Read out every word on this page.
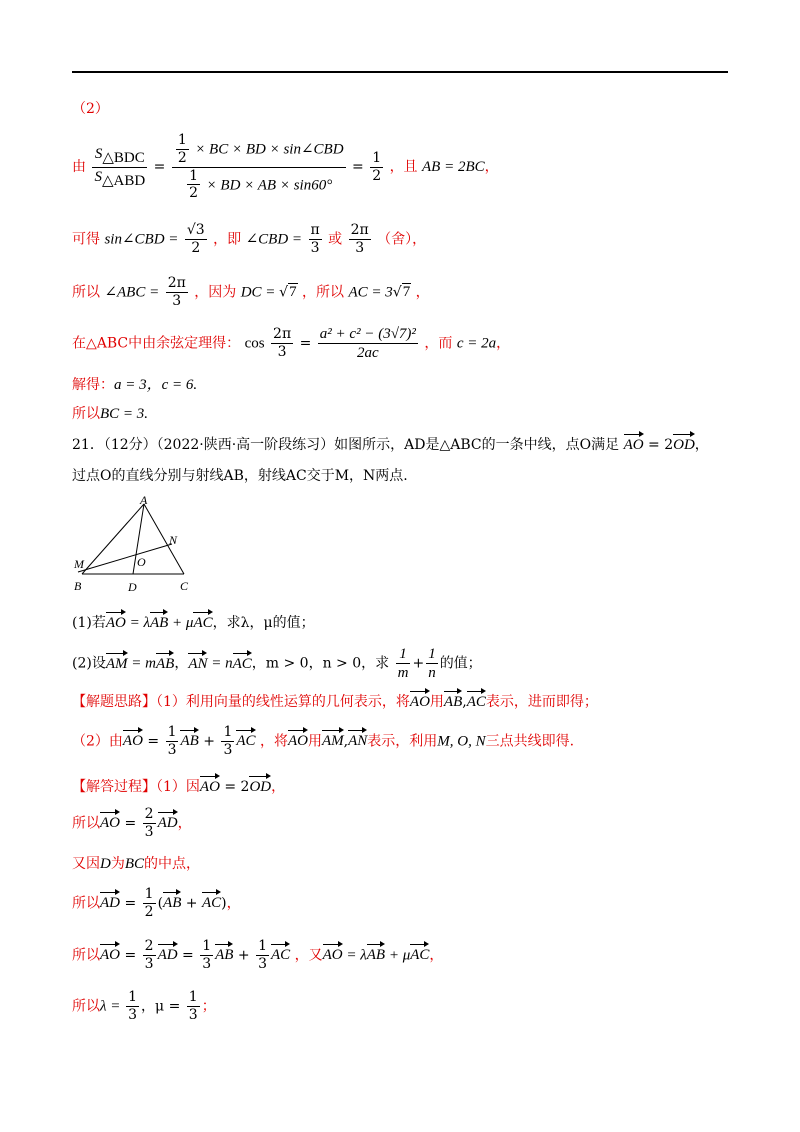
（2）
由 $\frac{S_{\triangle BDC}}{S_{\triangle ABD}} = \frac{\frac{1}{2} \times BC \times BD \times \sin\angle CBD}{\frac{1}{2} \times BD \times AB \times \sin 60^\circ} = \frac{1}{2}$ ，且 AB = 2BC，
可得 sin∠CBD = $\frac{√3}{2}$ ，即 ∠CBD = $\frac{\pi}{3}$ 或 $\frac{2\pi}{3}$ （舍），
所以 ∠ABC = $\frac{2\pi}{3}$ ，因为 DC = √7 ，所以 AC = 3√7 ，
在△ABC中由余弦定理得： $\cos \frac{2\pi}{3} = \frac{\text{a² + c² − (3√7)²}}{2ac}$ ，而 c = 2a，
解得：a = 3，c = 6.
所以BC = 3.
21．（12分）（2022·陕西·高一阶段练习）如图所示，AD是△ABC的一条中线，点O满足 AO = 2OD，
过点O的直线分别与射线AB，射线AC交于M，N两点.
A
N
M	O
B	D	C
(1)若AO = λAB + μAC，求λ，μ的值；
(2)设AM = mAB，AN = nAC，m > 0，n > 0，求 $\frac{1}{m} + \frac{1}{n}$ 的值；
【解题思路】（1）利用向量的线性运算的几何表示，将AO用AB,AC表示，进而即得；
（2）由AO = $\frac{1}{3}$ AB + $\frac{1}{3}$ AC ，将AO用AM,AN表示，利用M, O, N三点共线即得.
【解答过程】（1）因AO = 2OD，
所以AO = $\frac{2}{3}$ AD，
又因D为BC的中点，
所以AD = $\frac{1}{2} (AB + AC)$，
所以AO = $\frac{2}{3}$ AD = $\frac{1}{3}$ AB + $\frac{1}{3}$ AC ，又AO = λAB + μAC，
所以$\lambda = \frac{1}{3}$ ，$\mu = \frac{1}{3}$ ；
